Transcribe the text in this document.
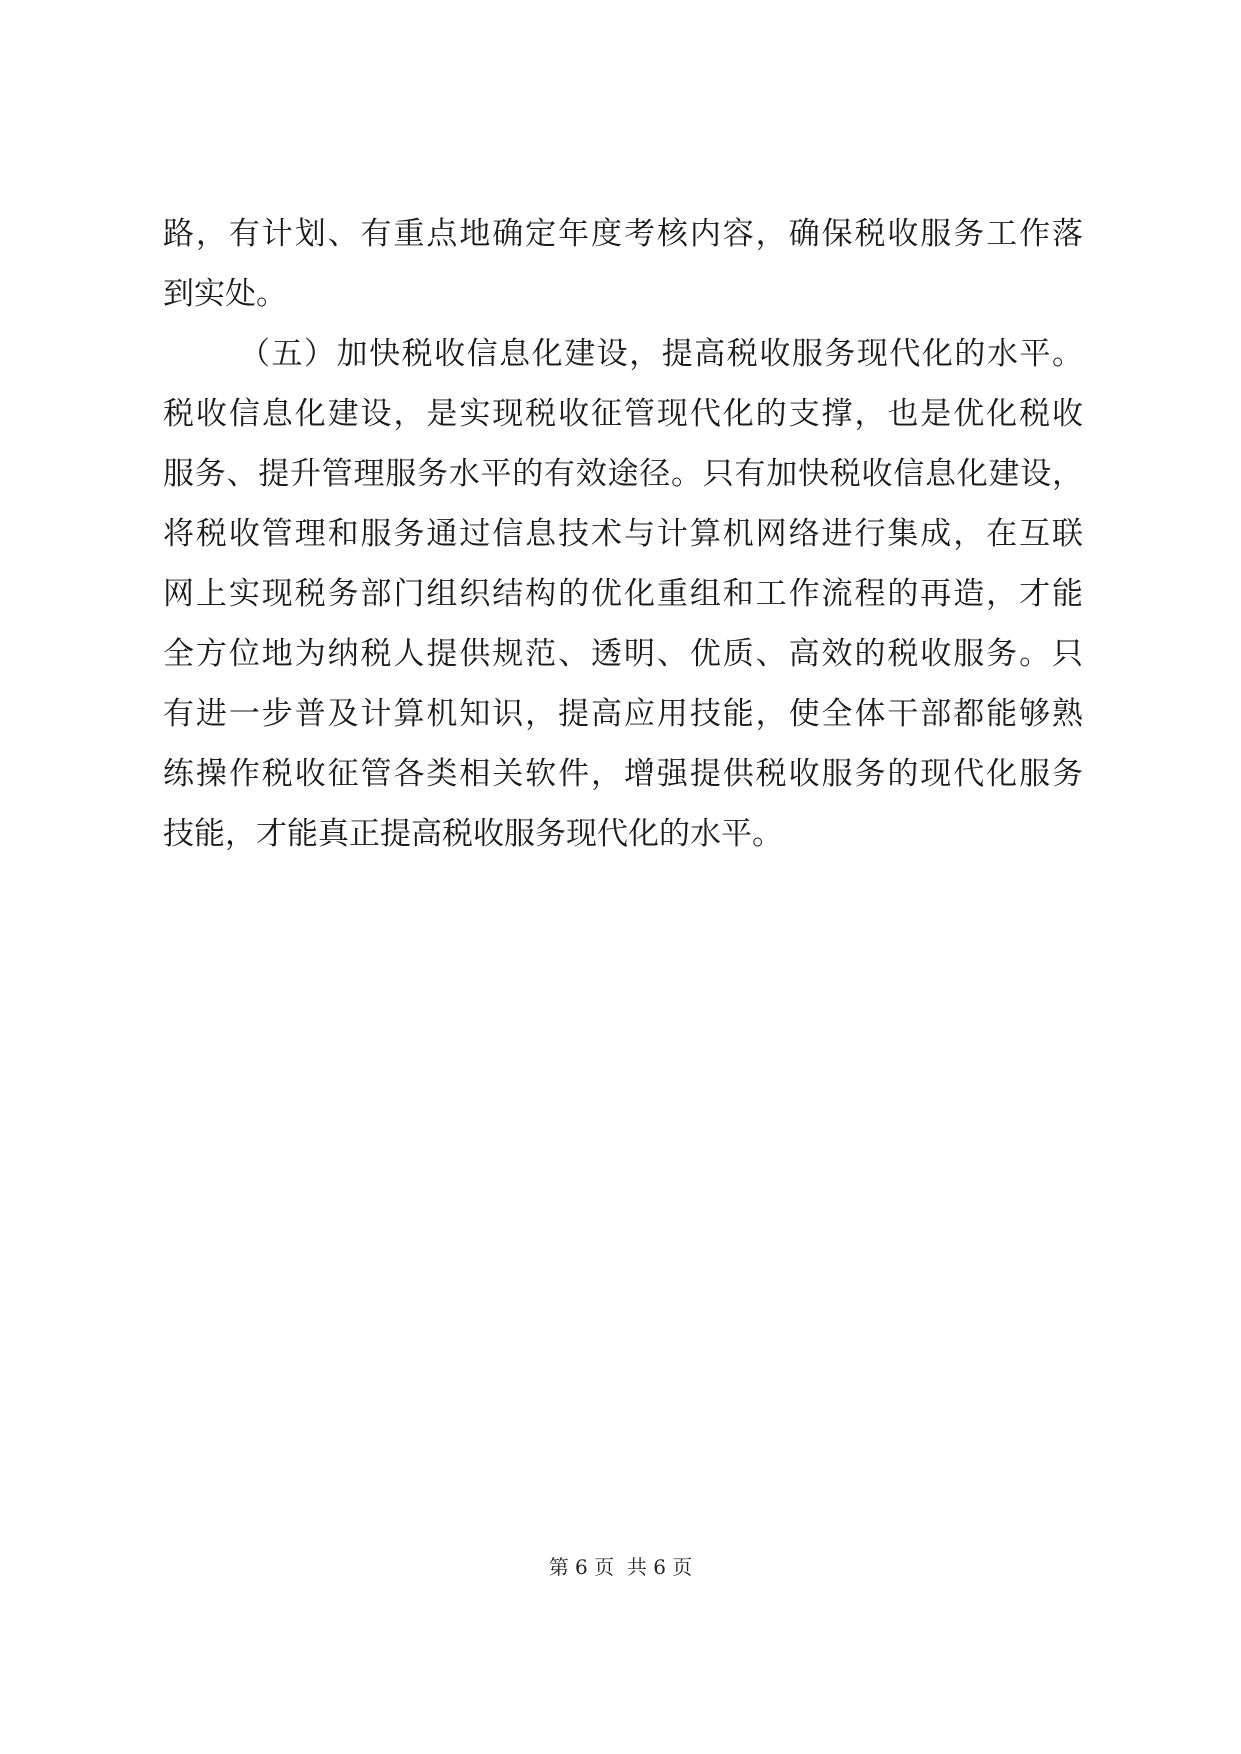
路，有计划、有重点地确定年度考核内容，确保税收服务工作落

到实处。

（五）加快税收信息化建设，提高税收服务现代化的水平。

税收信息化建设，是实现税收征管现代化的支撑，也是优化税收

服务、提升管理服务水平的有效途径。只有加快税收信息化建设，

将税收管理和服务通过信息技术与计算机网络进行集成，在互联

网上实现税务部门组织结构的优化重组和工作流程的再造，才能

全方位地为纳税人提供规范、透明、优质、高效的税收服务。只

有进一步普及计算机知识，提高应用技能，使全体干部都能够熟

练操作税收征管各类相关软件，增强提供税收服务的现代化服务

技能，才能真正提高税收服务现代化的水平。

第 6 页  共 6 页
